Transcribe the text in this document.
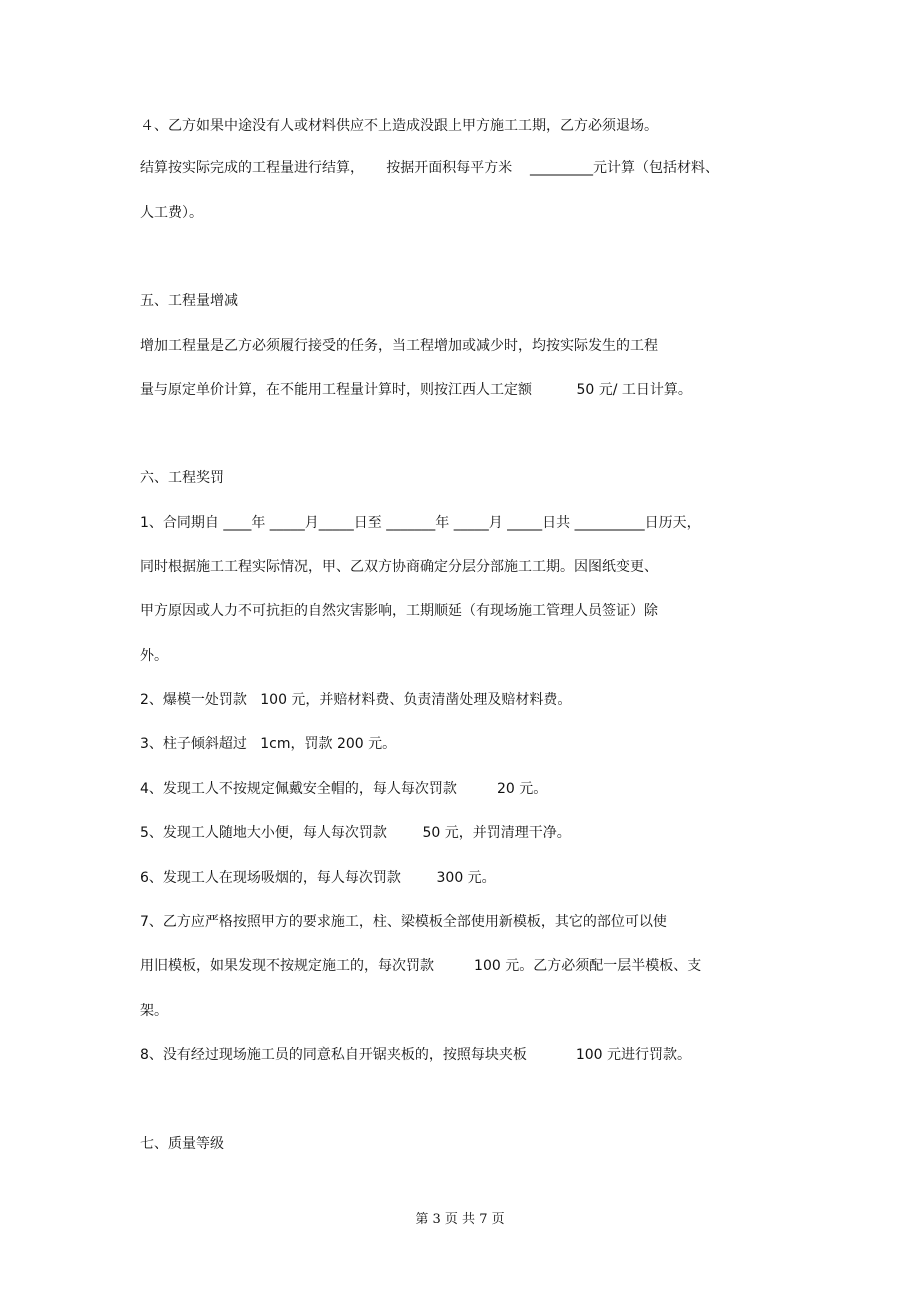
４、乙方如果中途没有人或材料供应不上造成没跟上甲方施工工期，乙方必须退场。
结算按实际完成的工程量进行结算，     按据开面积每平方米    _________元计算（包括材料、
人工费）。
五、工程量增减
增加工程量是乙方必须履行接受的任务，当工程增加或减少时，均按实际发生的工程
量与原定单价计算，在不能用工程量计算时，则按江西人工定额          50 元/ 工日计算。
六、工程奖罚
1、合同期自 ____年 _____月_____日至 _______年 _____月 _____日共 __________日历天，
同时根据施工工程实际情况，甲、乙双方协商确定分层分部施工工期。因图纸变更、
甲方原因或人力不可抗拒的自然灾害影响，工期顺延（有现场施工管理人员签证）除
外。
2、爆模一处罚款   100 元，并赔材料费、负责清凿处理及赔材料费。
3、柱子倾斜超过   1cm，罚款 200 元。
4、发现工人不按规定佩戴安全帽的，每人每次罚款         20 元。
5、发现工人随地大小便，每人每次罚款        50 元，并罚清理干净。
6、发现工人在现场吸烟的，每人每次罚款        300 元。
7、乙方应严格按照甲方的要求施工，柱、梁模板全部使用新模板，其它的部位可以使
用旧模板，如果发现不按规定施工的，每次罚款         100 元。乙方必须配一层半模板、支
架。
8、没有经过现场施工员的同意私自开锯夹板的，按照每块夹板           100 元进行罚款。
七、质量等级
第 3 页 共 7 页
